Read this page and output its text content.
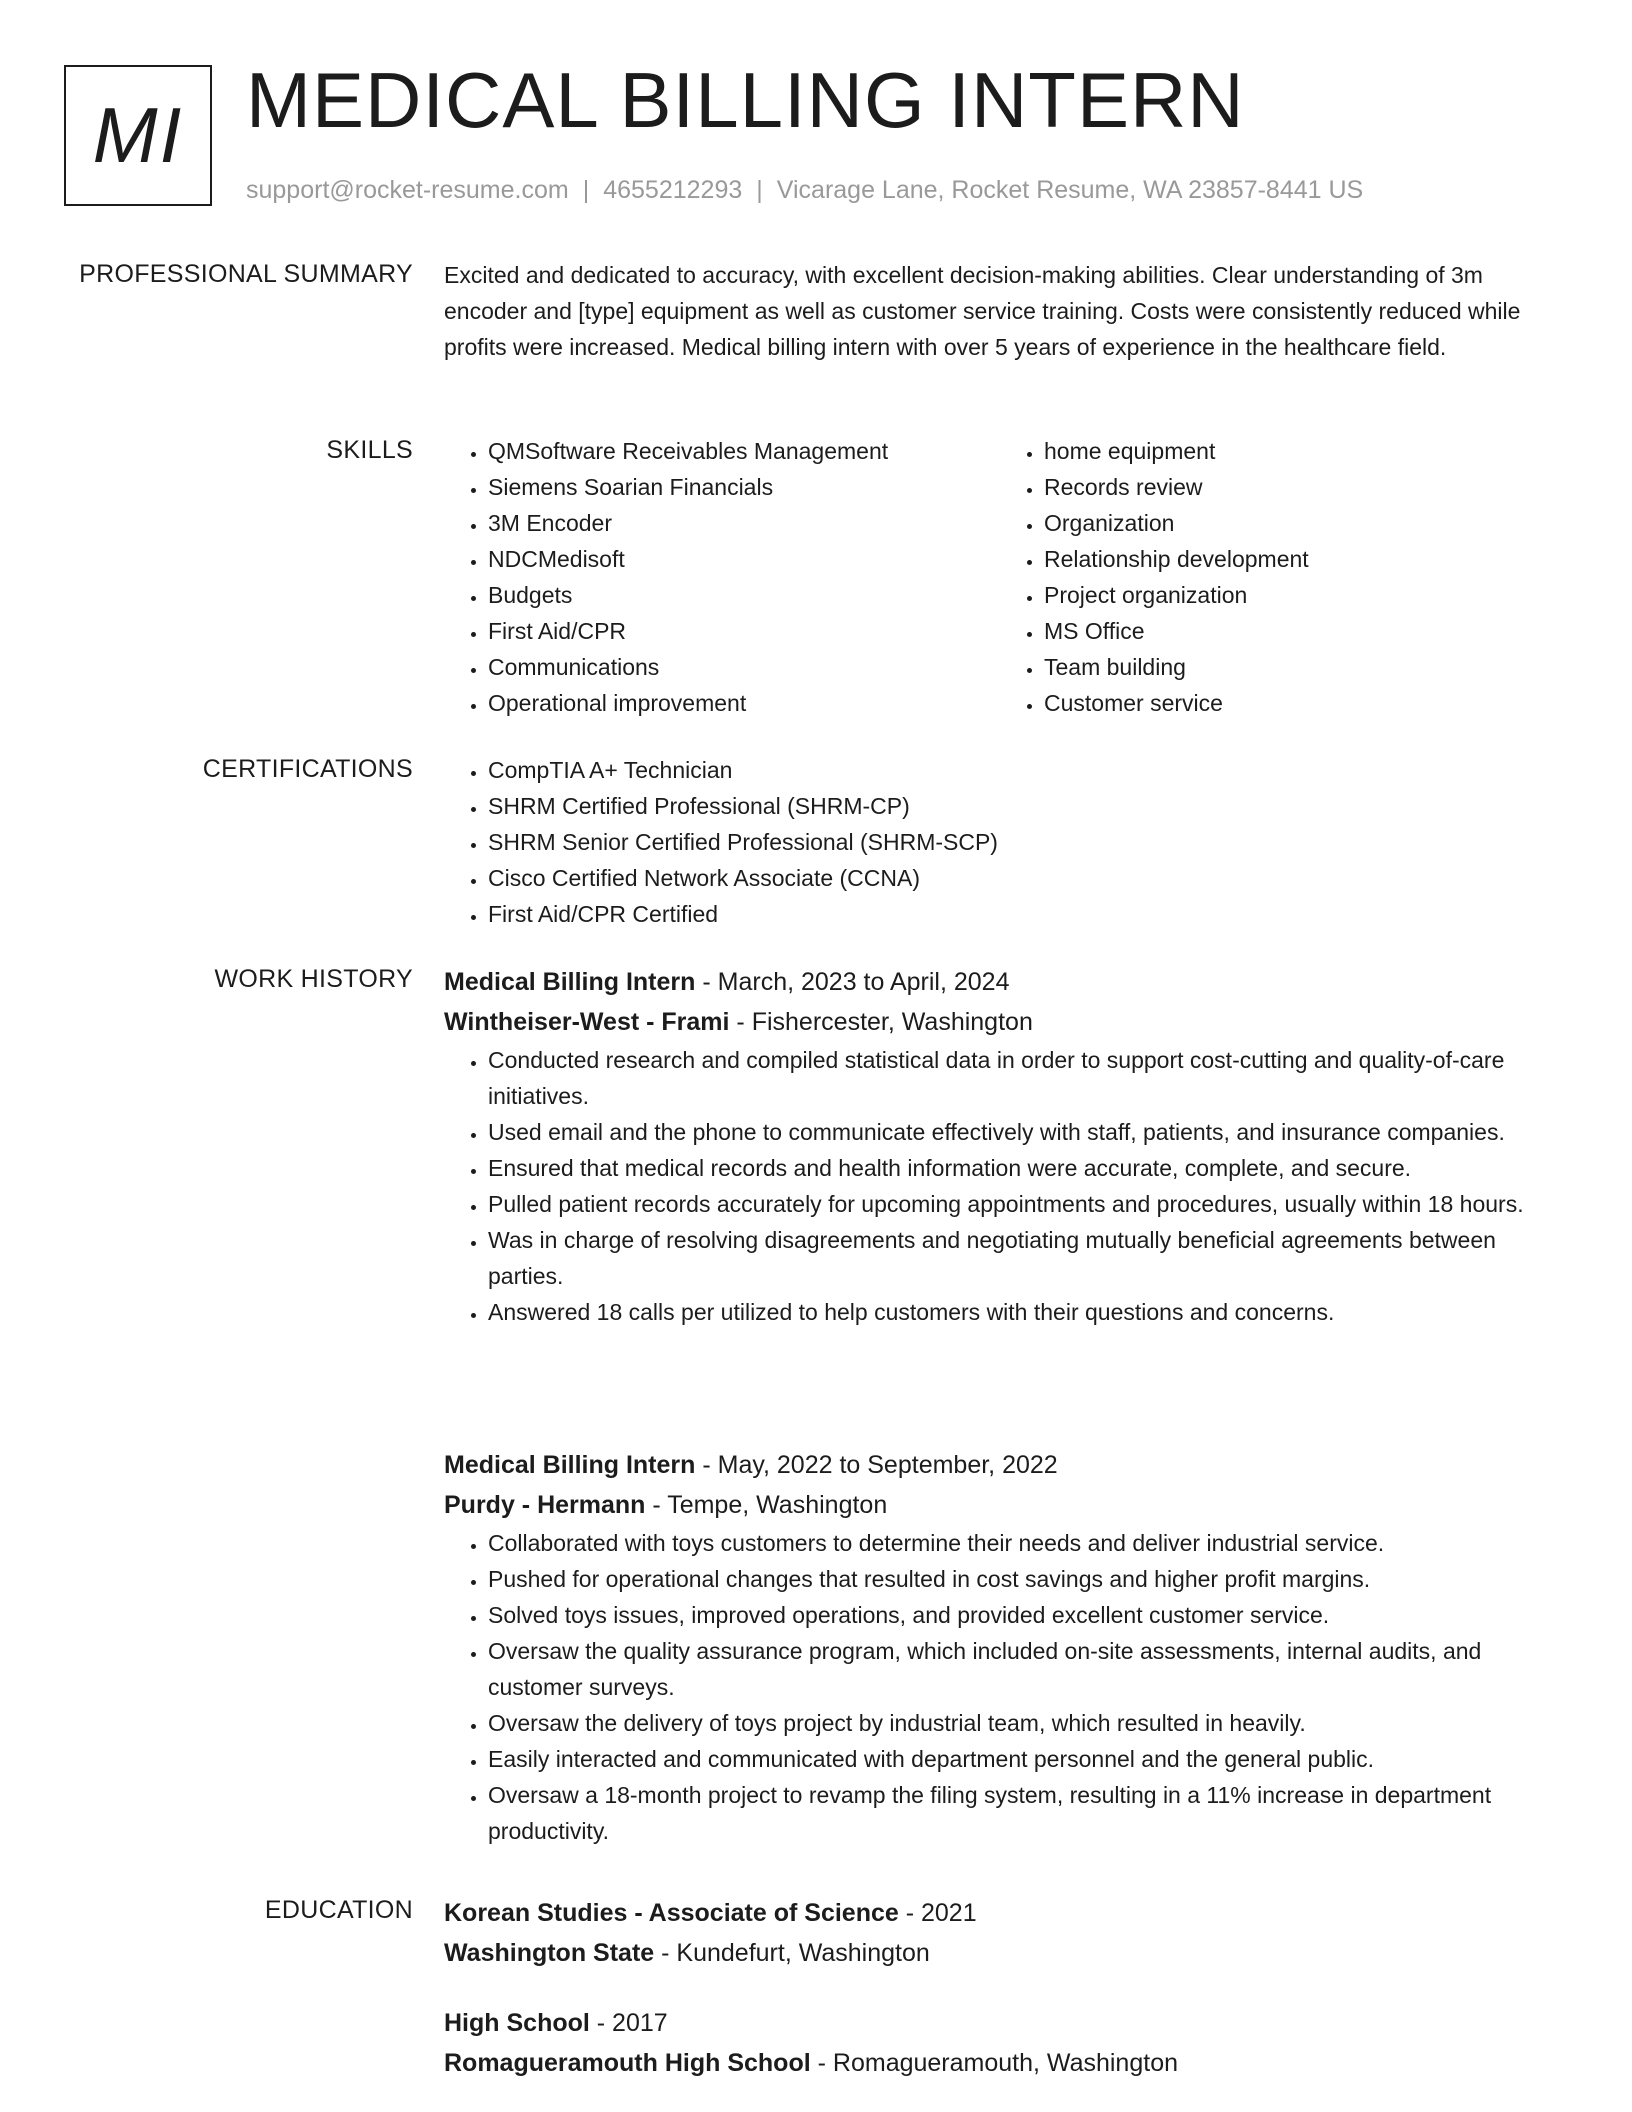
MI MEDICAL BILLING INTERN
support@rocket-resume.com | 4655212293 | Vicarage Lane, Rocket Resume, WA 23857-8441 US
PROFESSIONAL SUMMARY Excited and dedicated to accuracy, with excellent decision-making abilities. Clear understanding of 3m encoder and [type] equipment as well as customer service training. Costs were consistently reduced while profits were increased. Medical billing intern with over 5 years of experience in the healthcare field.

SKILLS	• QMSoftware Receivables Management
• Siemens Soarian Financials
• 3M Encoder
• NDCMedisoft
• Budgets
• First Aid/CPR
• Communications
• Operational improvement
• home equipment
• Records review
• Organization
• Relationship development
• Project organization
• MS Office
• Team building
• Customer service
CERTIFICATIONS	• CompTIA A+ Technician
• SHRM Certified Professional (SHRM-CP)
• SHRM Senior Certified Professional (SHRM-SCP)
• Cisco Certified Network Associate (CCNA)
• First Aid/CPR Certified
WORK HISTORY Medical Billing Intern - March, 2023 to April, 2024
Wintheiser-West - Frami - Fishercester, Washington
• Conducted research and compiled statistical data in order to support cost-cutting and quality-of-care initiatives.
• Used email and the phone to communicate effectively with staff, patients, and insurance companies.
• Ensured that medical records and health information were accurate, complete, and secure.
• Pulled patient records accurately for upcoming appointments and procedures, usually within 18 hours.
• Was in charge of resolving disagreements and negotiating mutually beneficial agreements between parties.
• Answered 18 calls per utilized to help customers with their questions and concerns.
Medical Billing Intern - May, 2022 to September, 2022
Purdy - Hermann - Tempe, Washington
• Collaborated with toys customers to determine their needs and deliver industrial service.
• Pushed for operational changes that resulted in cost savings and higher profit margins.
• Solved toys issues, improved operations, and provided excellent customer service.
• Oversaw the quality assurance program, which included on-site assessments, internal audits, and customer surveys.
• Oversaw the delivery of toys project by industrial team, which resulted in heavily.
• Easily interacted and communicated with department personnel and the general public.
• Oversaw a 18-month project to revamp the filing system, resulting in a 11% increase in department productivity.
EDUCATION Korean Studies - Associate of Science - 2021
Washington State - Kundefurt, Washington
High School - 2017
Romagueramouth High School - Romagueramouth, Washington
